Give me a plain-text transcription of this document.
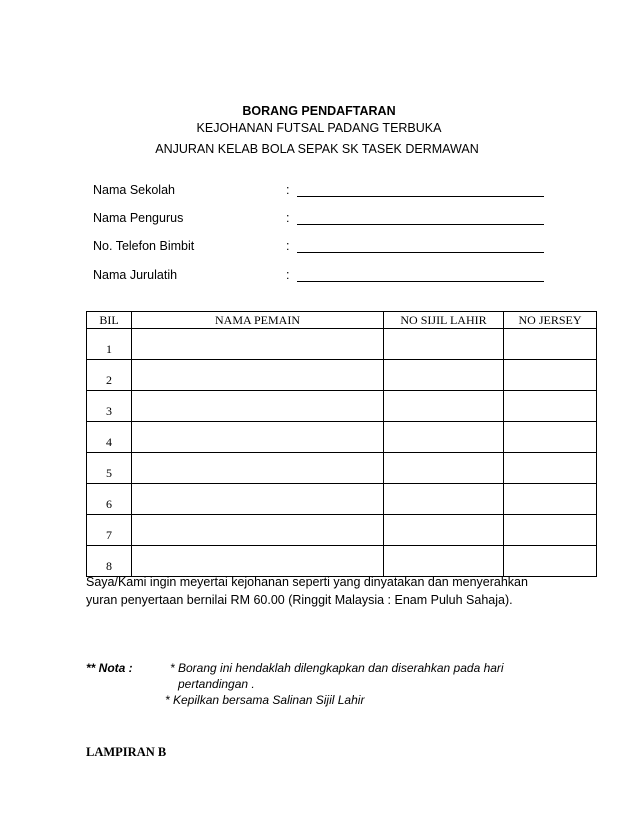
BORANG PENDAFTARAN
KEJOHANAN FUTSAL PADANG TERBUKA
ANJURAN KELAB BOLA SEPAK SK TASEK DERMAWAN
Nama Sekolah	:
Nama Pengurus	:
No. Telefon Bimbit	:
Nama Jurulatih	:
BIL	NAMA PEMAIN	NO SIJIL LAHIR	NO JERSEY
1			
2			
3			
4			
5			
6			
7			
8			
Saya/Kami ingin meyertai kejohanan seperti yang dinyatakan dan menyerahkan
yuran penyertaan bernilai RM 60.00 (Ringgit Malaysia : Enam Puluh Sahaja).
** Nota :	* Borang ini hendaklah dilengkapkan dan diserahkan pada hari
pertandingan .
* Kepilkan bersama Salinan Sijil Lahir
LAMPIRAN B
